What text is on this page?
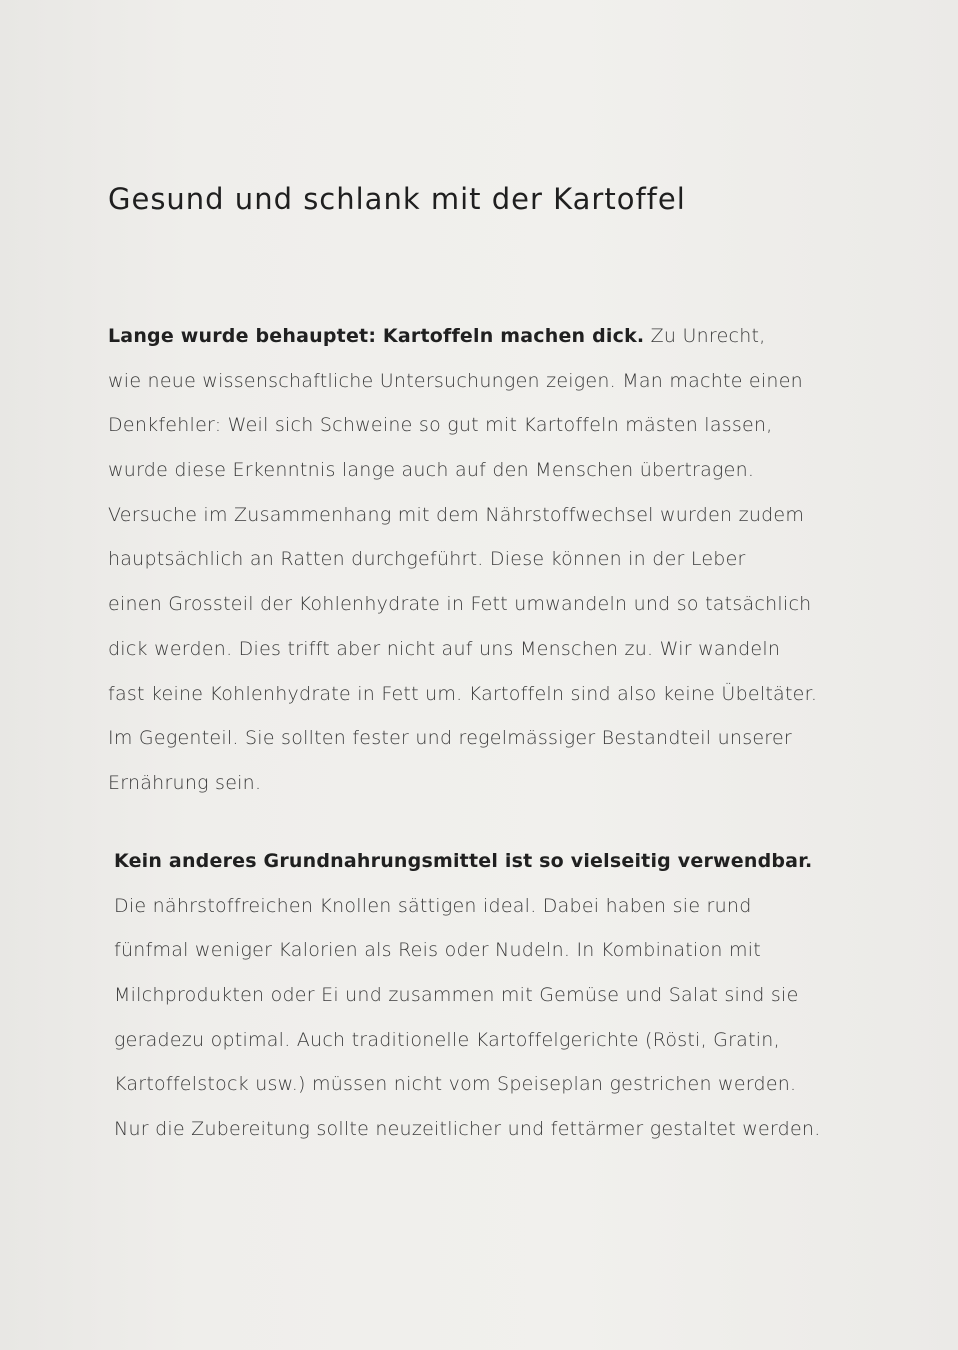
Gesund und schlank mit der Kartoffel
Lange wurde behauptet: Kartoffeln machen dick. Zu Unrecht,
wie neue wissenschaftliche Untersuchungen zeigen. Man machte einen
Denkfehler: Weil sich Schweine so gut mit Kartoffeln mästen lassen,
wurde diese Erkenntnis lange auch auf den Menschen übertragen.
Versuche im Zusammenhang mit dem Nährstoffwechsel wurden zudem
hauptsächlich an Ratten durchgeführt. Diese können in der Leber
einen Grossteil der Kohlenhydrate in Fett umwandeln und so tatsächlich
dick werden. Dies trifft aber nicht auf uns Menschen zu. Wir wandeln
fast keine Kohlenhydrate in Fett um. Kartoffeln sind also keine Übeltäter.
Im Gegenteil. Sie sollten fester und regelmässiger Bestandteil unserer
Ernährung sein.
Kein anderes Grundnahrungsmittel ist so vielseitig verwendbar.
Die nährstoffreichen Knollen sättigen ideal. Dabei haben sie rund
fünfmal weniger Kalorien als Reis oder Nudeln. In Kombination mit
Milchprodukten oder Ei und zusammen mit Gemüse und Salat sind sie
geradezu optimal. Auch traditionelle Kartoffelgerichte (Rösti, Gratin,
Kartoffelstock usw.) müssen nicht vom Speiseplan gestrichen werden.
Nur die Zubereitung sollte neuzeitlicher und fettärmer gestaltet werden.
